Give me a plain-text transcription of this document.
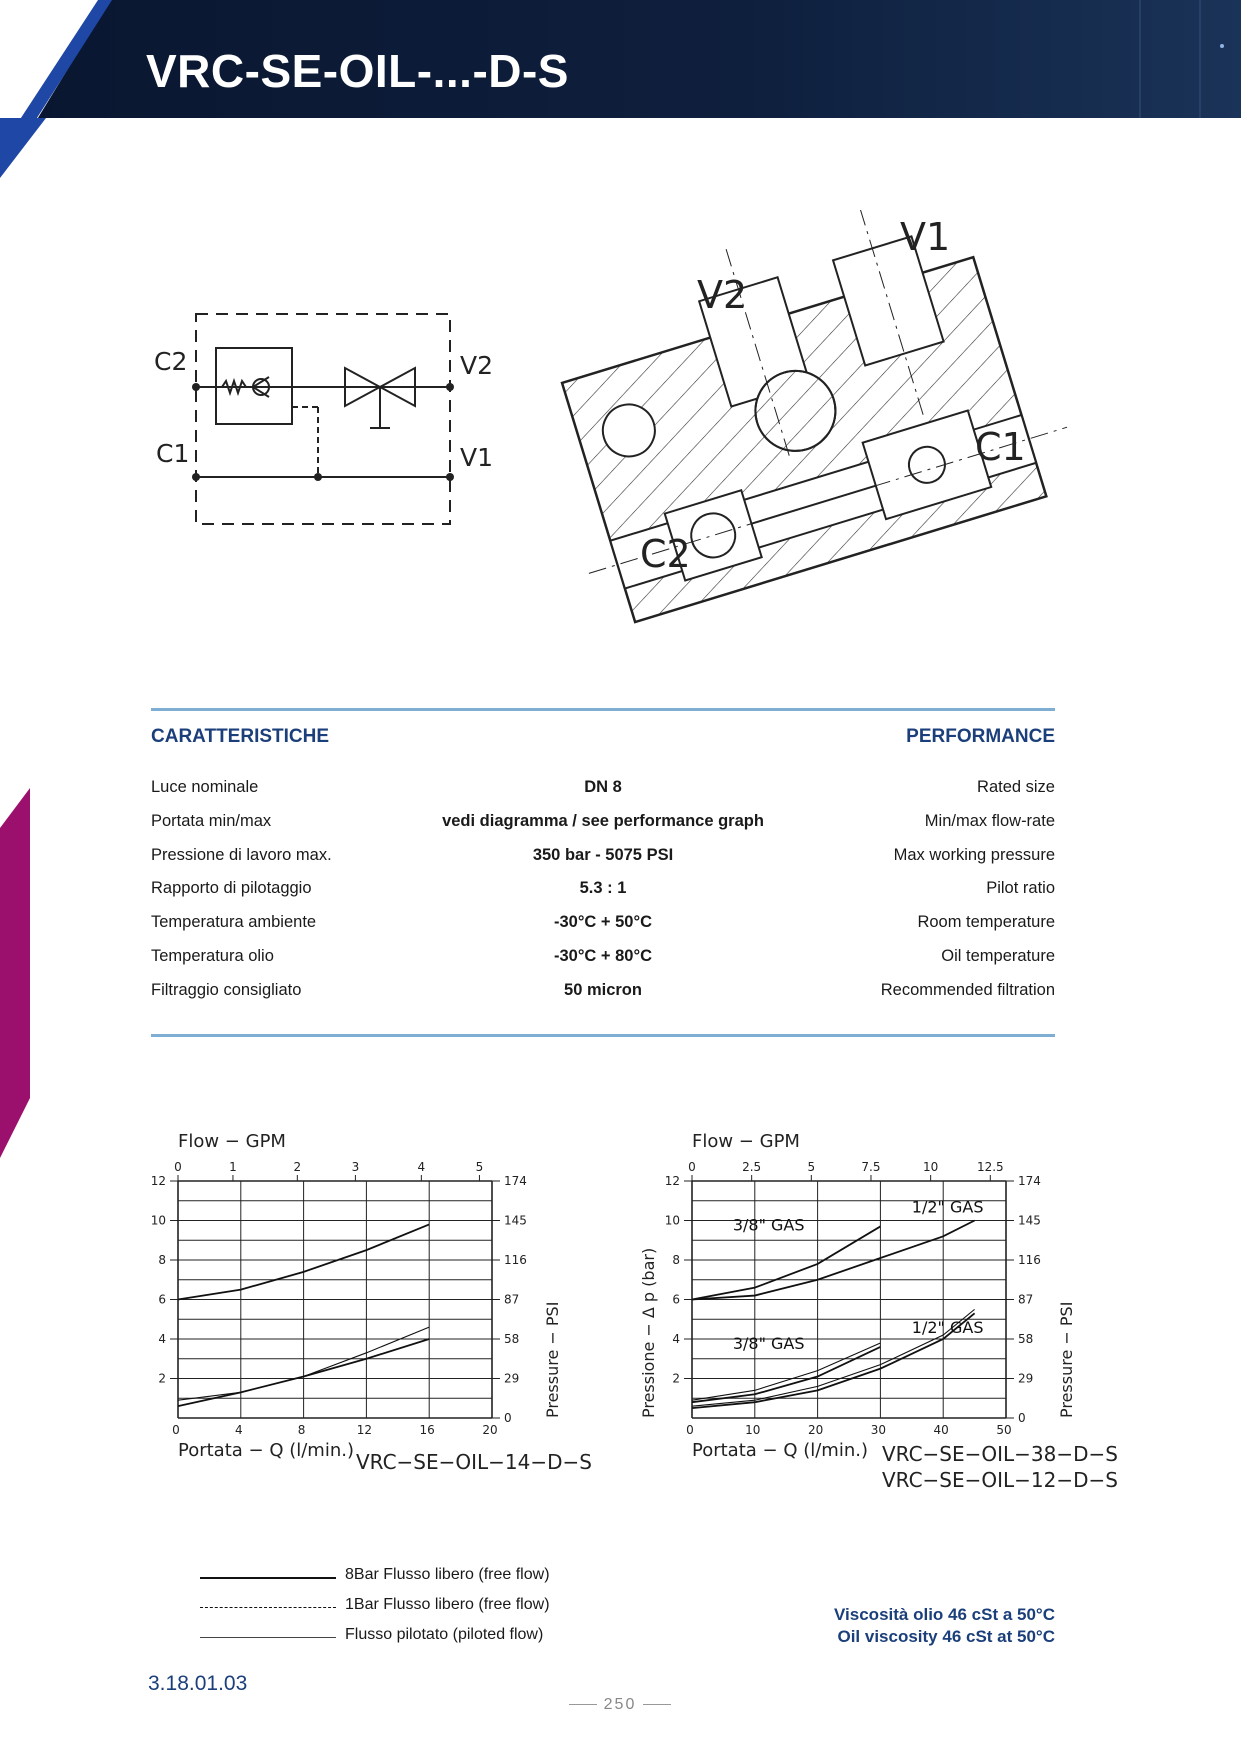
VRC-SE-OIL-...-D-S
C2
C1
V2
V1
V1
V2
C1
C2
CARATTERISTICHE	PERFORMANCE
Luce nominale	DN 8	Rated size
Portata min/max	vedi diagramma / see performance graph	Min/max flow-rate
Pressione di lavoro max.	350 bar - 5075 PSI	Max working pressure
Rapporto di pilotaggio	5.3 : 1	Pilot ratio
Temperatura ambiente	-30°C + 50°C	Room temperature
Temperatura olio	-30°C + 80°C	Oil temperature
Filtraggio consigliato	50 micron	Recommended filtration
0	4	8	12	16	20
2
4
6
8
10
12
0	1	2	3	4	5
0
29
58
87
116
145
174
Flow − GPM
Portata − Q (l/min.)
Pressure − PSI
VRC−SE−OIL−14−D−S
0	10	20	30	40	50
2
4
6
8
10
12
0	2.5	5	7.5	10	12.5
0
29
58
87
116
145
174
Flow − GPM
Portata − Q (l/min.)
Pressure − PSI
Pressione − Δ p (bar)
3/8" GAS
1/2" GAS
3/8" GAS
1/2" GAS
VRC−SE−OIL−38−D−S
VRC−SE−OIL−12−D−S
8Bar Flusso libero (free flow)
1Bar Flusso libero (free flow)
Flusso pilotato (piloted flow)
Viscosità olio 46 cSt a 50°C
Oil viscosity 46 cSt at 50°C
3.18.01.03
250
